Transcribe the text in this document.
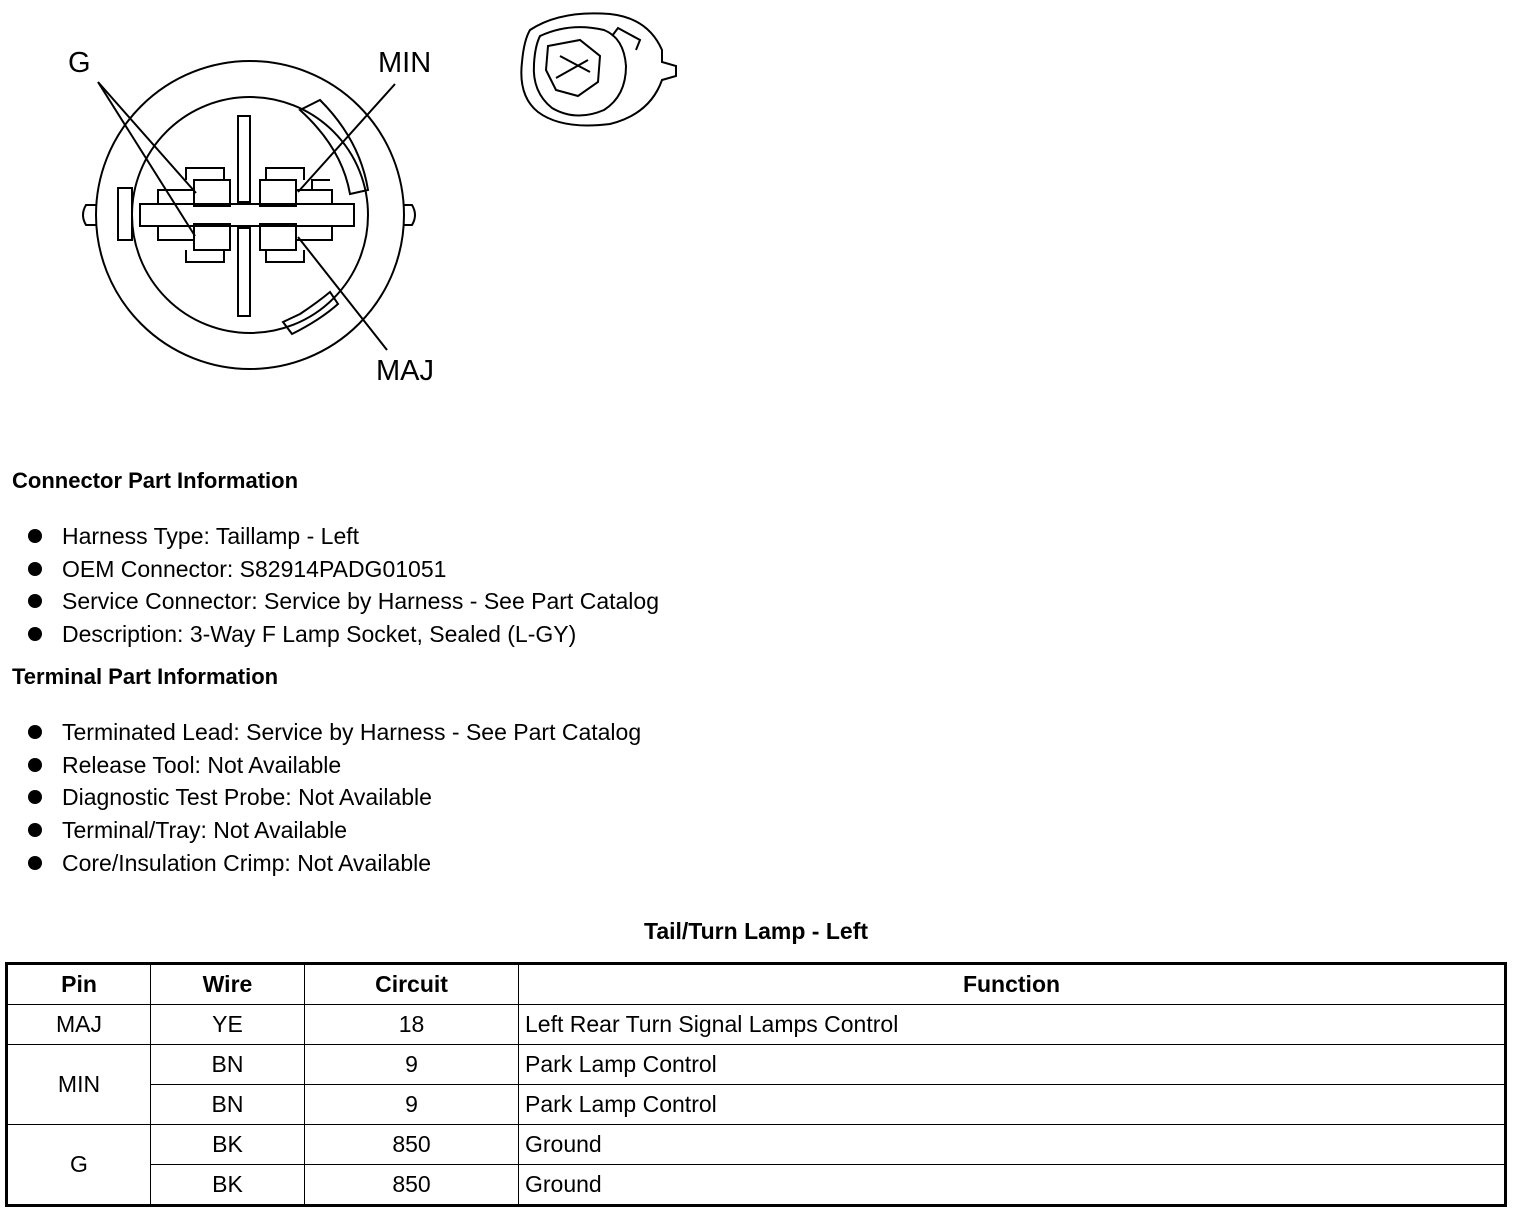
G	MIN
MAJ
Connector Part Information
Harness Type: Taillamp - Left
OEM Connector: S82914PADG01051
Service Connector: Service by Harness - See Part Catalog
Description: 3-Way F Lamp Socket, Sealed (L-GY)
Terminal Part Information
Terminated Lead: Service by Harness - See Part Catalog
Release Tool: Not Available
Diagnostic Test Probe: Not Available
Terminal/Tray: Not Available
Core/Insulation Crimp: Not Available
Tail/Turn Lamp - Left
Pin	Wire	Circuit	Function
MAJ	YE	18	Left Rear Turn Signal Lamps Control
MIN	BN	9	Park Lamp Control
	BN	9	Park Lamp Control
G	BK	850	Ground
	BK	850	Ground
